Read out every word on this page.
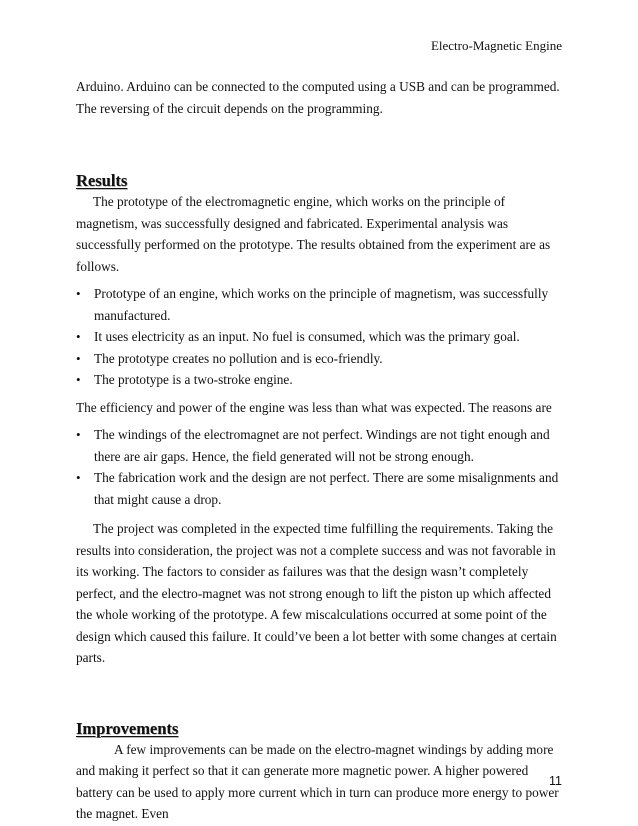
Electro-Magnetic Engine

Arduino. Arduino can be connected to the computed using a USB and can be programmed. The reversing of the circuit depends on the programming.

Results

The prototype of the electromagnetic engine, which works on the principle of magnetism, was successfully designed and fabricated. Experimental analysis was successfully performed on the prototype. The results obtained from the experiment are as follows.

• Prototype of an engine, which works on the principle of magnetism, was successfully manufactured.
• It uses electricity as an input. No fuel is consumed, which was the primary goal.
• The prototype creates no pollution and is eco-friendly.
• The prototype is a two-stroke engine.

The efficiency and power of the engine was less than what was expected. The reasons are

• The windings of the electromagnet are not perfect. Windings are not tight enough and there are air gaps. Hence, the field generated will not be strong enough.
• The fabrication work and the design are not perfect. There are some misalignments and that might cause a drop.

The project was completed in the expected time fulfilling the requirements. Taking the results into consideration, the project was not a complete success and was not favorable in its working. The factors to consider as failures was that the design wasn’t completely perfect, and the electro-magnet was not strong enough to lift the piston up which affected the whole working of the prototype. A few miscalculations occurred at some point of the design which caused this failure. It could’ve been a lot better with some changes at certain parts.

Improvements

A few improvements can be made on the electro-magnet windings by adding more and making it perfect so that it can generate more magnetic power. A higher powered battery can be used to apply more current which in turn can produce more energy to power the magnet. Even

11
